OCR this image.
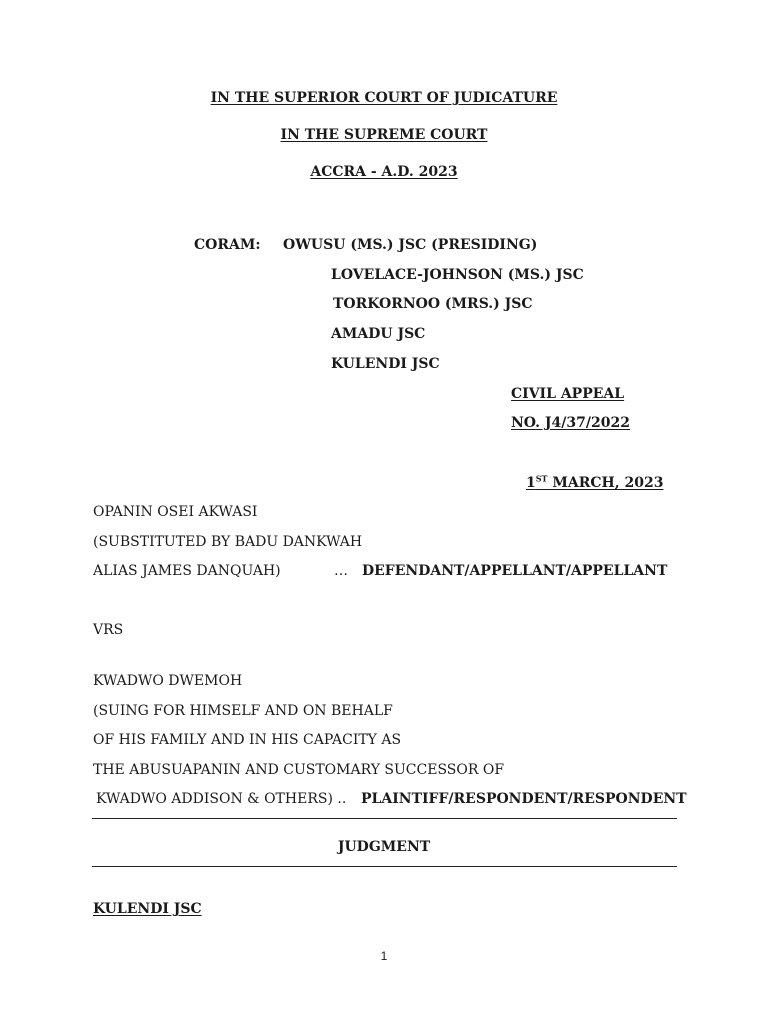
IN THE SUPERIOR COURT OF JUDICATURE
IN THE SUPREME COURT
ACCRA - A.D. 2023
CORAM: OWUSU (MS.) JSC (PRESIDING)
LOVELACE-JOHNSON (MS.) JSC
TORKORNOO (MRS.) JSC
AMADU JSC
KULENDI JSC
CIVIL APPEAL
NO. J4/37/2022
1ST MARCH, 2023
OPANIN OSEI AKWASI
(SUBSTITUTED BY BADU DANKWAH
ALIAS JAMES DANQUAH)	… DEFENDANT/APPELLANT/APPELLANT
VRS
KWADWO DWEMOH
(SUING FOR HIMSELF AND ON BEHALF
OF HIS FAMILY AND IN HIS CAPACITY AS
THE ABUSUAPANIN AND CUSTOMARY SUCCESSOR OF
KWADWO ADDISON & OTHERS) .. PLAINTIFF/RESPONDENT/RESPONDENT
JUDGMENT
KULENDI JSC
1
